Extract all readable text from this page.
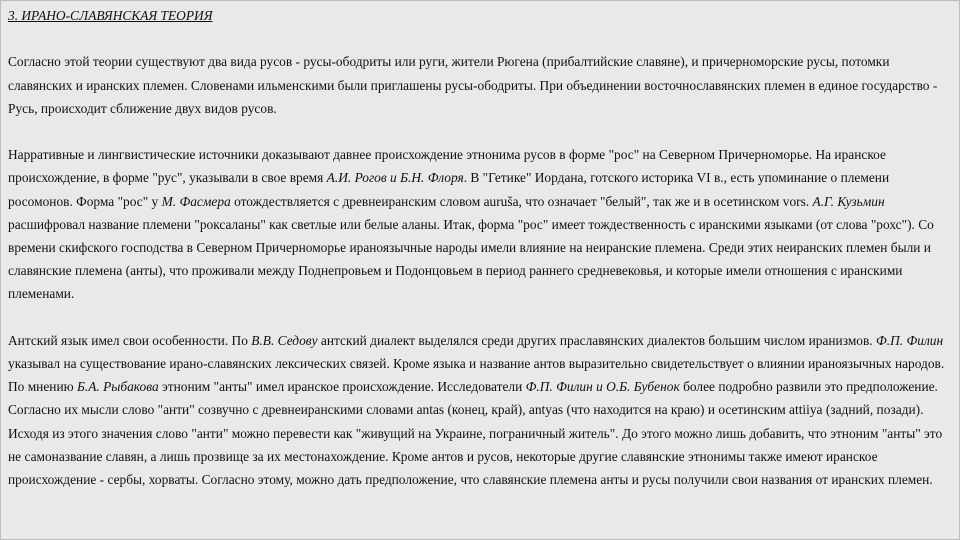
3. ИРАНО-СЛАВЯНСКАЯ ТЕОРИЯ

Согласно этой теории существуют два вида русов - русы-ободриты или руги, жители Рюгена (прибалтийские славяне), и причерноморские русы, потомки славянских и иранских племен. Словенами ильменскими были приглашены русы-ободриты. При объединении восточнославянских племен в единое государство - Русь, происходит сближение двух видов русов.

Нарративные и лингвистические источники доказывают давнее происхождение этнонима русов в форме "рос" на Северном Причерноморье. На иранское происхождение, в форме "рус", указывали в свое время А.И. Рогов и Б.Н. Флоря. В "Гетике" Иордана, готского историка VI в., есть упоминание о племени росомонов. Форма "рос" у М. Фасмера отождествляется с древнеиранским словом auruša, что означает "белый", так же и в осетинском vors. А.Г. Кузьмин расшифровал название племени "роксаланы" как светлые или белые аланы. Итак, форма "рос" имеет тождественность с иранскими языками (от слова "рохс"). Со времени скифского господства в Северном Причерноморье ираноязычные народы имели влияние на неиранские племена. Среди этих неиранских племен были и славянские племена (анты), что проживали между Поднепровьем и Подонцовьем в период раннего средневековья, и которые имели отношения с иранскими племенами.

Антский язык имел свои особенности. По В.В. Седову антский диалект выделялся среди других праславянских диалектов большим числом иранизмов. Ф.П. Филин указывал на существование ирано-славянских лексических связей. Кроме языка и название антов выразительно свидетельствует о влиянии ираноязычных народов. По мнению Б.А. Рыбакова этноним "анты" имел иранское происхождение. Исследователи Ф.П. Филин и О.Б. Бубенок более подробно развили это предположение. Согласно их мысли слово "анти" созвучно с древнеиранскими словами antas (конец, край), antyas (что находится на краю) и осетинским attiiya (задний, позади). Исходя из этого значения слово "анти" можно перевести как "живущий на Украине, пограничный житель". До этого можно лишь добавить, что этноним "анты" это не самоназвание славян, а лишь прозвище за их местонахождение. Кроме антов и русов, некоторые другие славянские этнонимы также имеют иранское происхождение - сербы, хорваты. Согласно этому, можно дать предположение, что славянские племена анты и русы получили свои названия от иранских племен.
